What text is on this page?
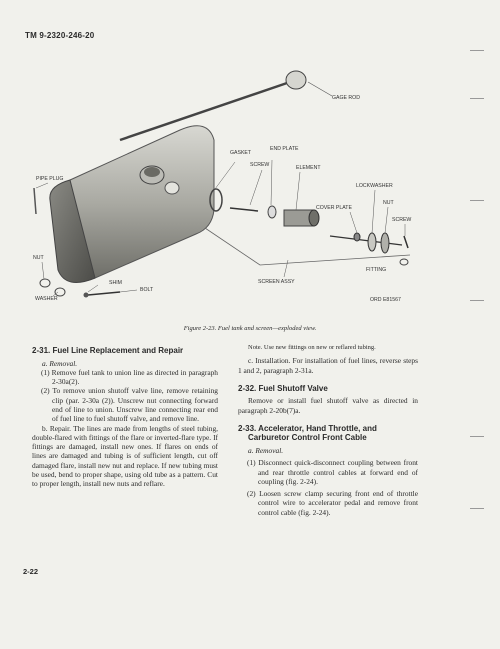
TM 9-2320-246-20
GAGE ROD
GASKET
END PLATE
SCREW	ELEMENT
PIPE PLUG
LOCKWASHER
COVER PLATE
NUT
SCREW
NUT
FITTING
SHIM
BOLT
WASHER
SCREEN ASSY
ORD E81567
Figure 2-23. Fuel tank and screen—exploded view.
2-31. Fuel Line Replacement and Repair

a. Removal.

(1) Remove fuel tank to union line as directed in paragraph 2-30a(2).

(2) To remove union shutoff valve line, remove retaining clip (par. 2-30a (2)). Unscrew nut connecting forward end of line to union. Unscrew line connecting rear end of fuel line to fuel shutoff valve, and remove line.

b. Repair. The lines are made from lengths of steel tubing, double-flared with fittings of the flare or inverted-flare type. If fittings are damaged, install new ones. If flares on ends of lines are damaged and tubing is of sufficient length, cut off damaged flare, install new nut and replace. If new tubing must be used, bend to proper shape, using old tube as a pattern. Cut to proper length, install new nuts and reflare.

Note. Use new fittings on new or reflared tubing.

c. Installation. For installation of fuel lines, reverse steps 1 and 2, paragraph 2-31a.

2-32. Fuel Shutoff Valve

Remove or install fuel shutoff valve as directed in paragraph 2-20b(7)a.

2-33. Accelerator, Hand Throttle, and Carburetor Control Front Cable

a. Removal.

(1) Disconnect quick-disconnect coupling between front and rear throttle control cables at forward end of coupling (fig. 2-24).

(2) Loosen screw clamp securing front end of throttle control wire to accelerator pedal and remove front control cable (fig. 2-24).

2-22
